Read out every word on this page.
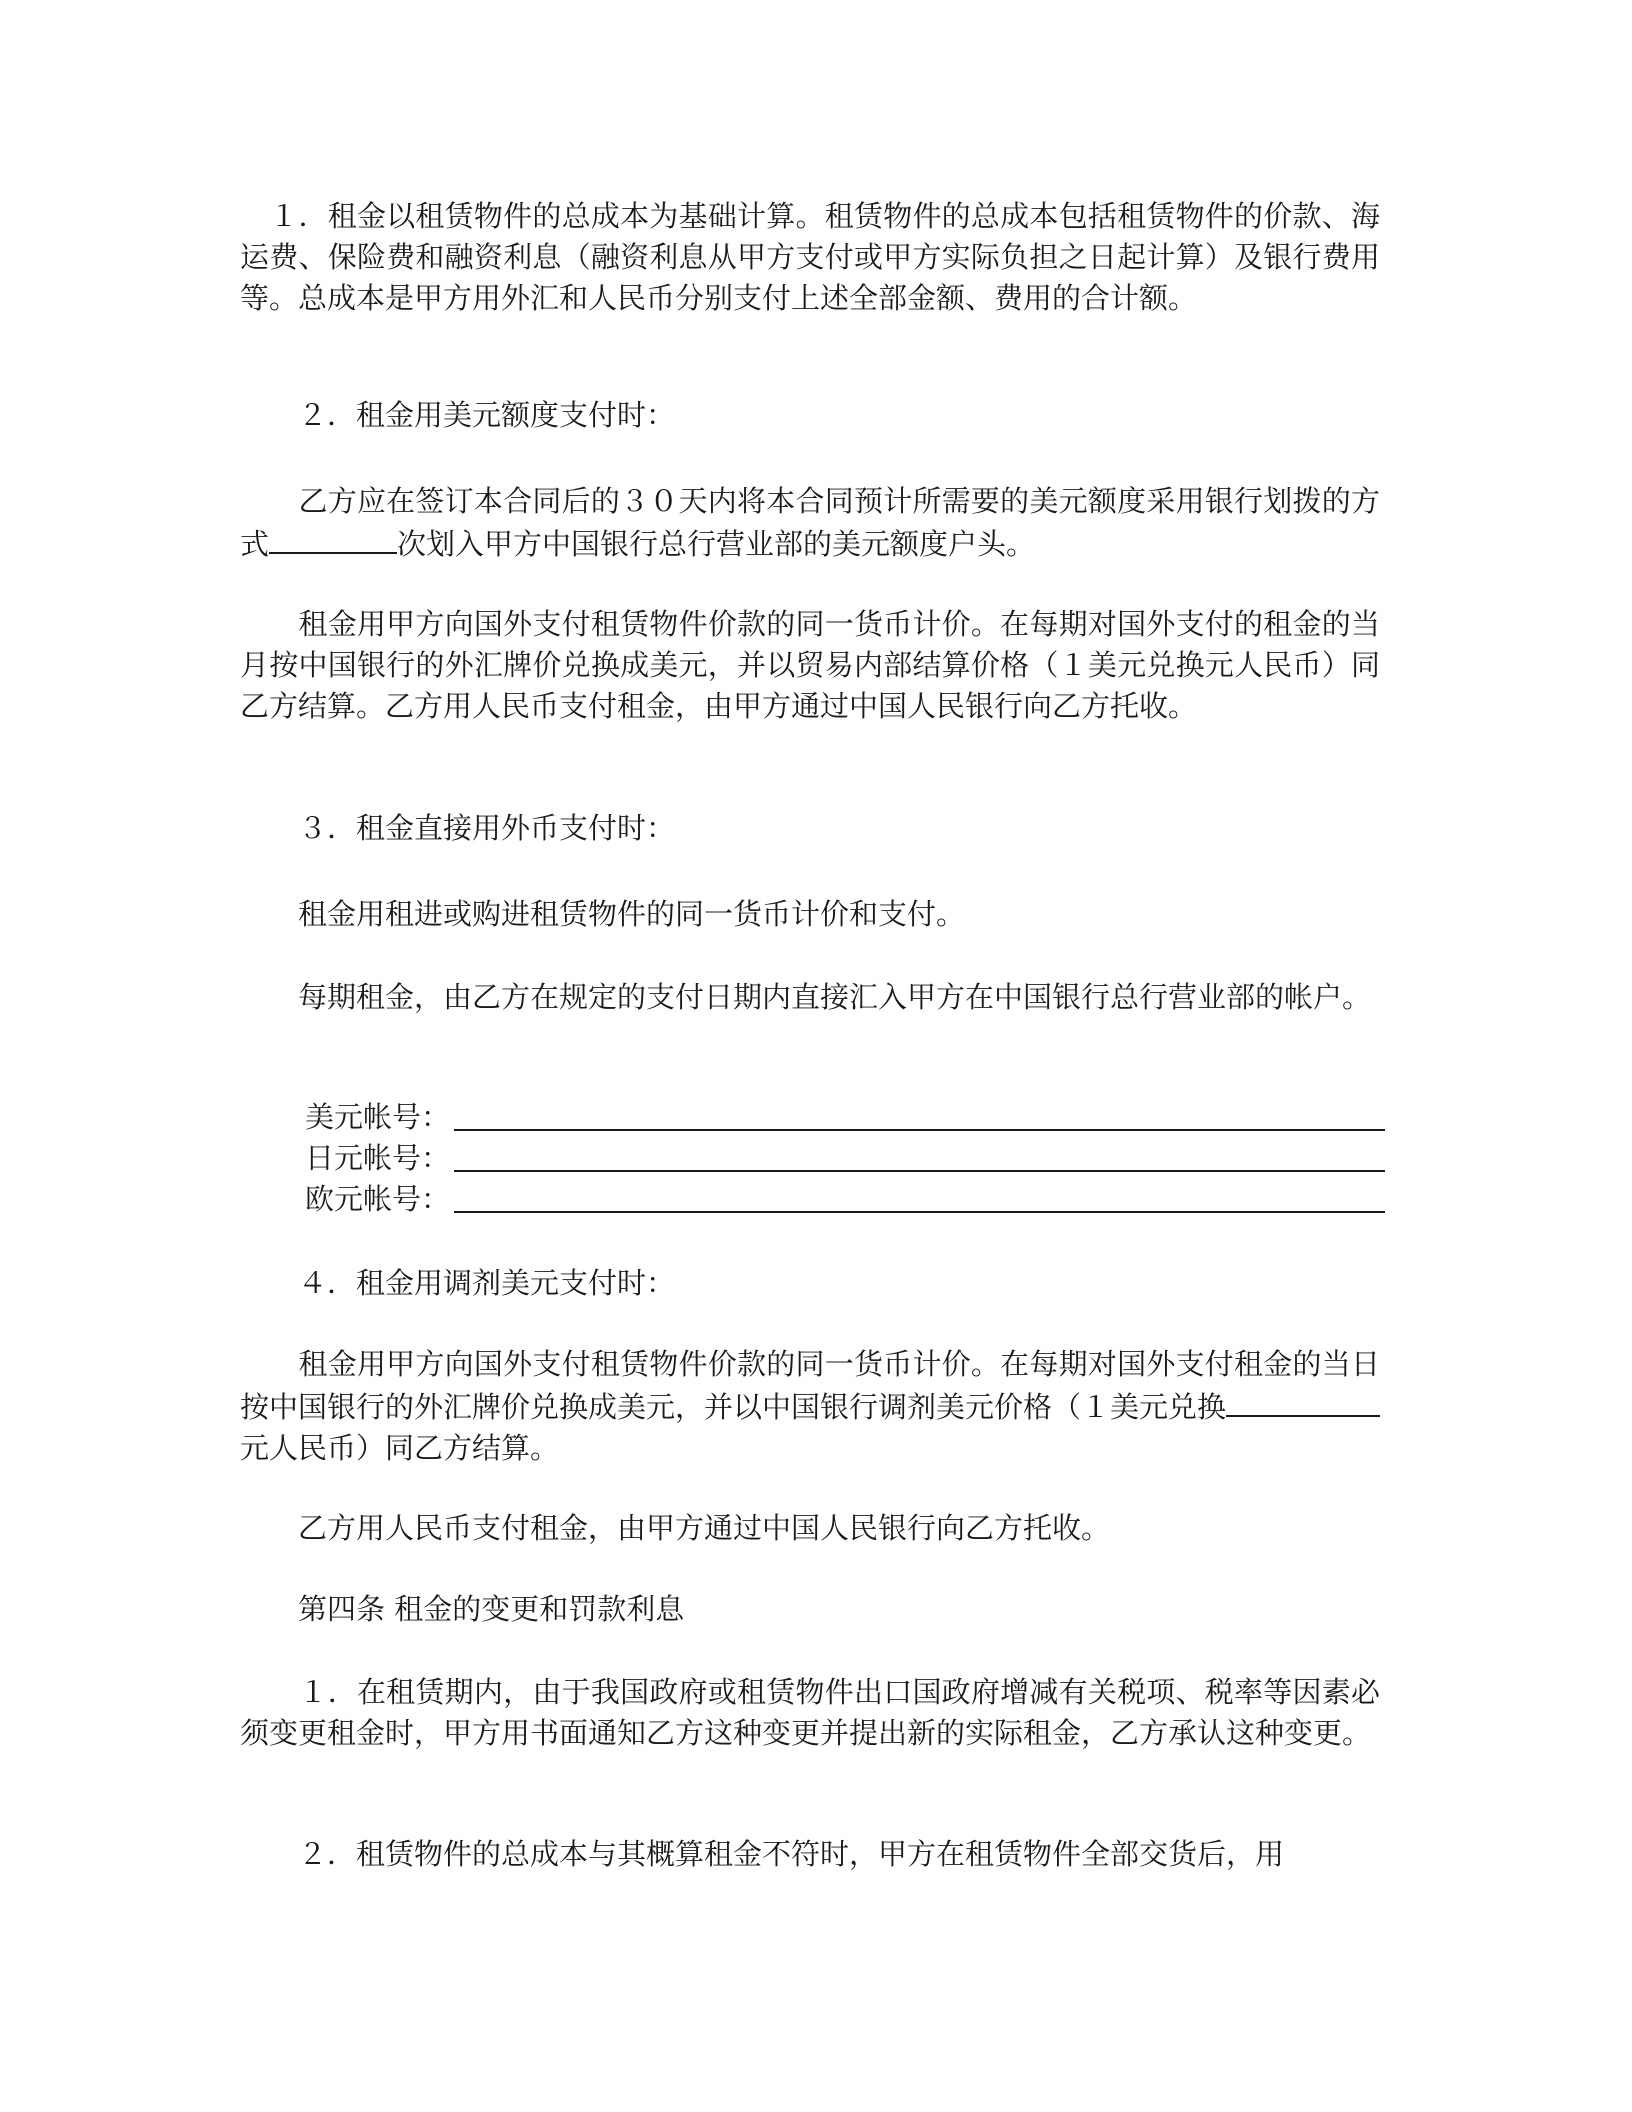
　１．租金以租赁物件的总成本为基础计算。租赁物件的总成本包括租赁物件的价款、海运费、保险费和融资利息（融资利息从甲方支付或甲方实际负担之日起计算）及银行费用等。总成本是甲方用外汇和人民币分别支付上述全部金额、费用的合计额。

　　２．租金用美元额度支付时：

　　乙方应在签订本合同后的３０天内将本合同预计所需要的美元额度采用银行划拨的方式	次划入甲方中国银行总行营业部的美元额度户头。

　　租金用甲方向国外支付租赁物件价款的同一货币计价。在每期对国外支付的租金的当月按中国银行的外汇牌价兑换成美元，并以贸易内部结算价格（１美元兑换元人民币）同乙方结算。乙方用人民币支付租金，由甲方通过中国人民银行向乙方托收。

　　３．租金直接用外币支付时：

　　租金用租进或购进租赁物件的同一货币计价和支付。

　　每期租金，由乙方在规定的支付日期内直接汇入甲方在中国银行总行营业部的帐户。

美元帐号：
日元帐号：
欧元帐号：

　　４．租金用调剂美元支付时：

　　租金用甲方向国外支付租赁物件价款的同一货币计价。在每期对国外支付租金的当日按中国银行的外汇牌价兑换成美元，并以中国银行调剂美元价格（１美元兑换元人民币）同乙方结算。

　　乙方用人民币支付租金，由甲方通过中国人民银行向乙方托收。

　　第四条 租金的变更和罚款利息

　　１．在租赁期内，由于我国政府或租赁物件出口国政府增减有关税项、税率等因素必须变更租金时，甲方用书面通知乙方这种变更并提出新的实际租金，乙方承认这种变更。

　　２．租赁物件的总成本与其概算租金不符时，甲方在租赁物件全部交货后，用
